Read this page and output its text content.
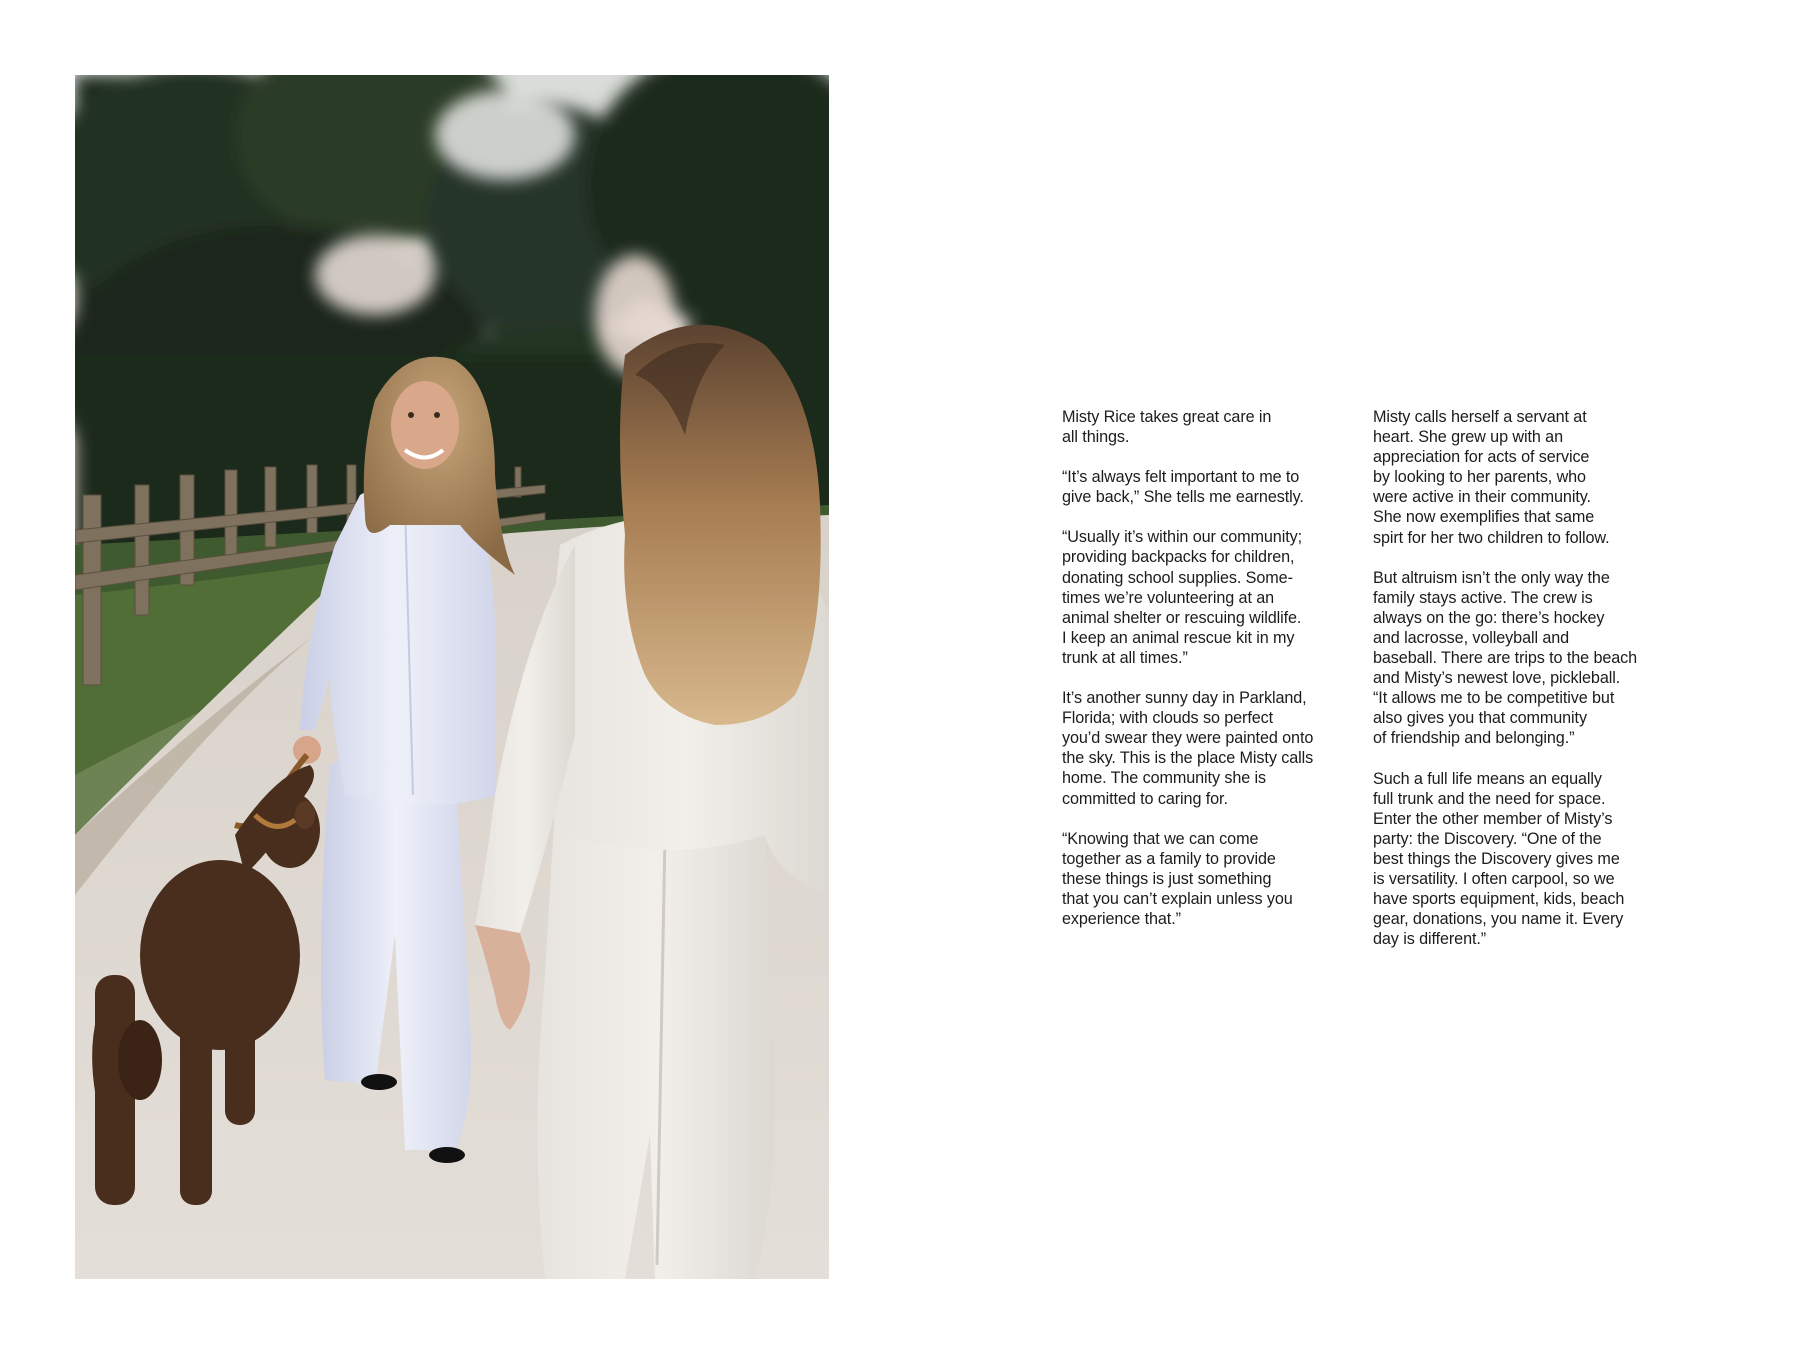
Misty Rice takes great care in
all things.

“It’s always felt important to me to
give back,” She tells me earnestly.

“Usually it’s within our community;
providing backpacks for children,
donating school supplies. Some-
times we’re volunteering at an
animal shelter or rescuing wildlife.
I keep an animal rescue kit in my
trunk at all times.”

It’s another sunny day in Parkland,
Florida; with clouds so perfect
you’d swear they were painted onto
the sky. This is the place Misty calls
home. The community she is
committed to caring for.

“Knowing that we can come
together as a family to provide
these things is just something
that you can’t explain unless you
experience that.”

Misty calls herself a servant at
heart. She grew up with an
appreciation for acts of service
by looking to her parents, who
were active in their community.
She now exemplifies that same
spirt for her two children to follow.

But altruism isn’t the only way the
family stays active. The crew is
always on the go: there’s hockey
and lacrosse, volleyball and
baseball. There are trips to the beach
and Misty’s newest love, pickleball.
“It allows me to be competitive but
also gives you that community
of friendship and belonging.”

Such a full life means an equally
full trunk and the need for space.
Enter the other member of Misty’s
party: the Discovery. “One of the
best things the Discovery gives me
is versatility. I often carpool, so we
have sports equipment, kids, beach
gear, donations, you name it. Every
day is different.”
